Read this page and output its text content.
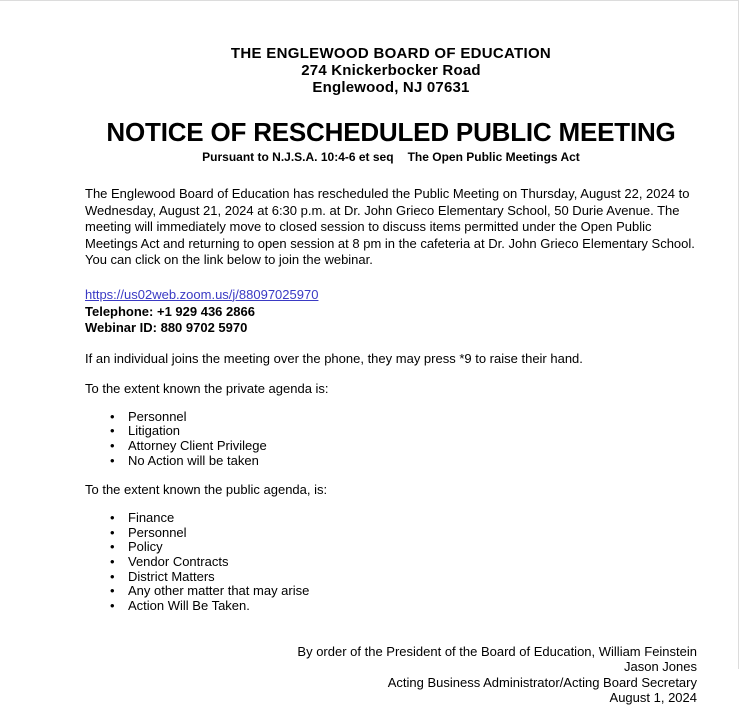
THE ENGLEWOOD BOARD OF EDUCATION
274 Knickerbocker Road
Englewood, NJ 07631
NOTICE OF RESCHEDULED PUBLIC MEETING
Pursuant to N.J.S.A. 10:4-6 et seq The Open Public Meetings Act
The Englewood Board of Education has rescheduled the Public Meeting on Thursday, August 22, 2024 to Wednesday, August 21, 2024 at 6:30 p.m. at Dr. John Grieco Elementary School, 50 Durie Avenue. The meeting will immediately move to closed session to discuss items permitted under the Open Public Meetings Act and returning to open session at 8 pm in the cafeteria at Dr. John Grieco Elementary School. You can click on the link below to join the webinar.
https://us02web.zoom.us/j/88097025970
Telephone: +1 929 436 2866
Webinar ID: 880 9702 5970
If an individual joins the meeting over the phone, they may press *9 to raise their hand.
To the extent known the private agenda is:
• Personnel
• Litigation
• Attorney Client Privilege
• No Action will be taken
To the extent known the public agenda, is:
• Finance
• Personnel
• Policy
• Vendor Contracts
• District Matters
• Any other matter that may arise
• Action Will Be Taken.
By order of the President of the Board of Education, William Feinstein
Jason Jones
Acting Business Administrator/Acting Board Secretary
August 1, 2024
